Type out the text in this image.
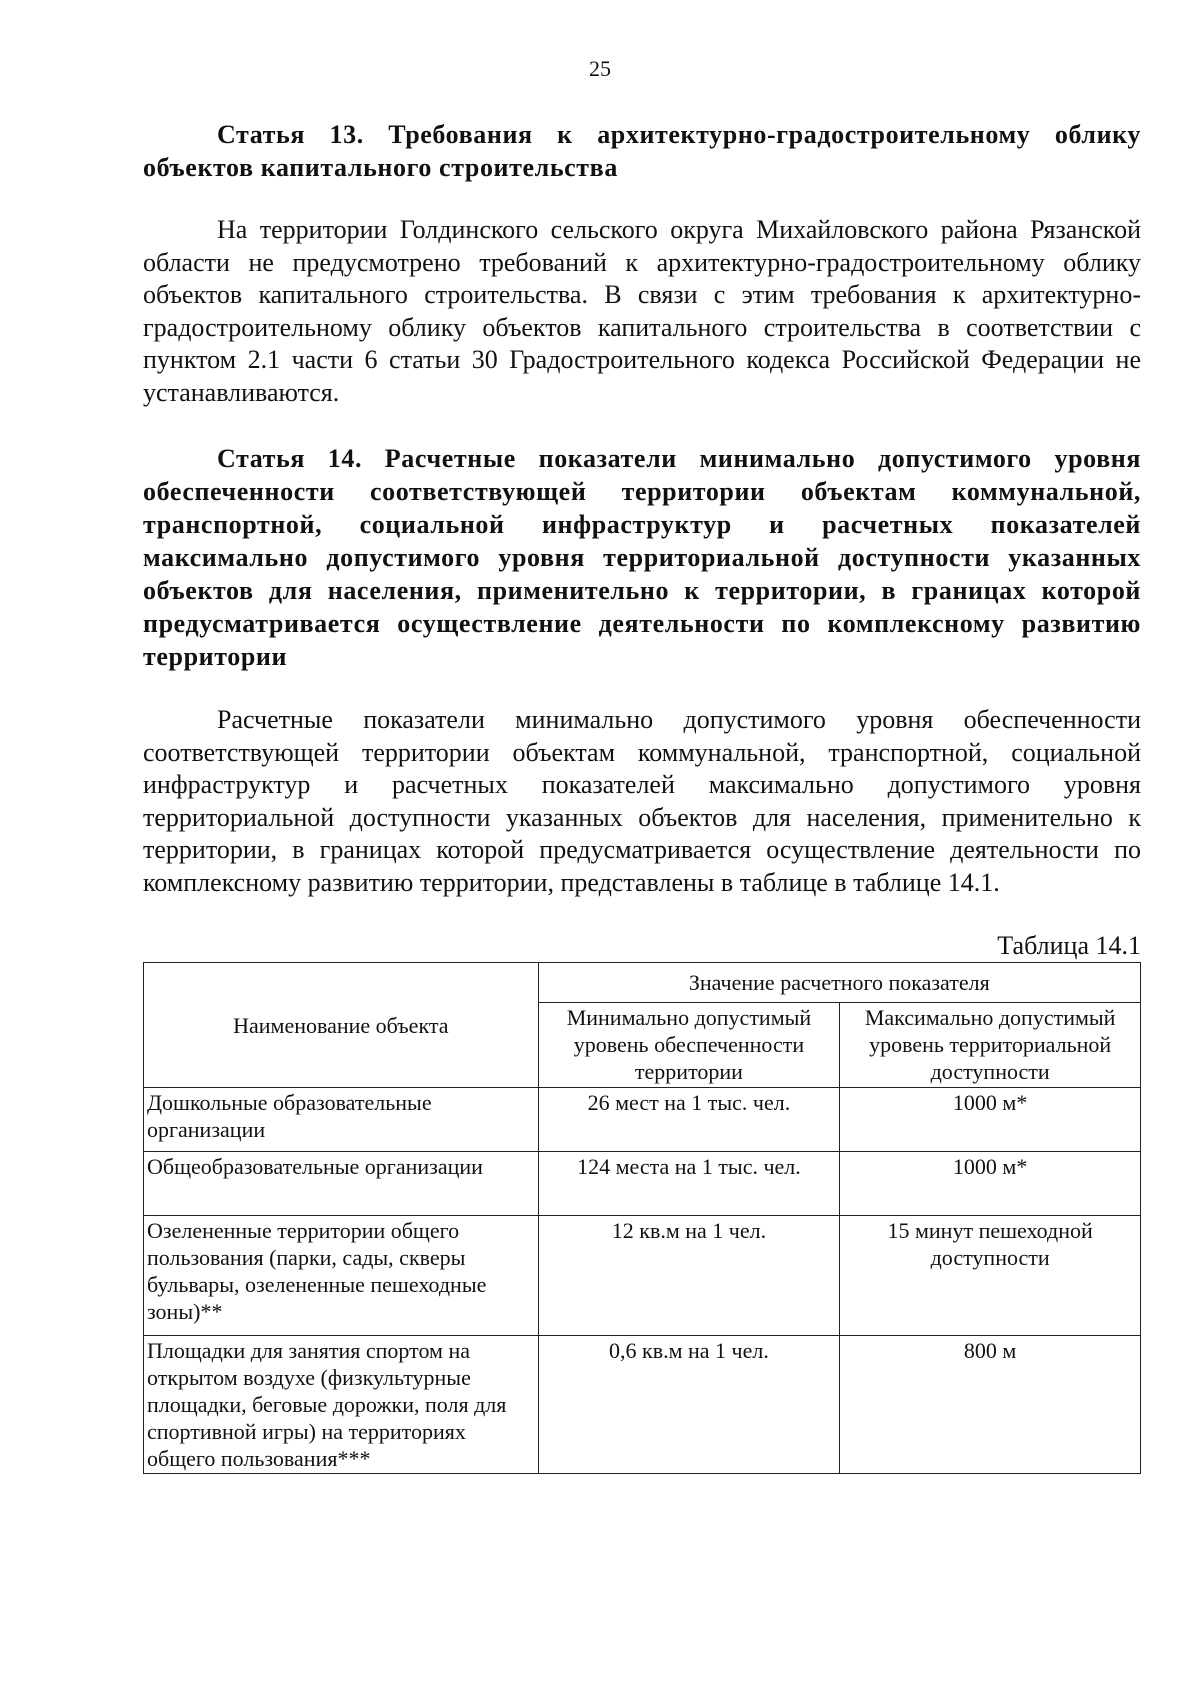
25

Статья 13. Требования к архитектурно-градостроительному облику объектов капитального строительства

На территории Голдинского сельского округа Михайловского района Рязанской области не предусмотрено требований к архитектурно-градостроительному облику объектов капитального строительства. В связи с этим требования к архитектурно-градостроительному облику объектов капитального строительства в соответствии с пунктом 2.1 части 6 статьи 30 Градостроительного кодекса Российской Федерации не устанавливаются.

Статья 14. Расчетные показатели минимально допустимого уровня обеспеченности соответствующей территории объектам коммунальной, транспортной, социальной инфраструктур и расчетных показателей максимально допустимого уровня территориальной доступности указанных объектов для населения, применительно к территории, в границах которой предусматривается осуществление деятельности по комплексному развитию территории

Расчетные показатели минимально допустимого уровня обеспеченности соответствующей территории объектам коммунальной, транспортной, социальной инфраструктур и расчетных показателей максимально допустимого уровня территориальной доступности указанных объектов для населения, применительно к территории, в границах которой предусматривается осуществление деятельности по комплексному развитию территории, представлены в таблице в таблице 14.1.

Таблица 14.1
Наименование объекта	Значение расчетного показателя	
	Минимально допустимый уровень обеспеченности территории	Максимально допустимый уровень территориальной доступности
Дошкольные образовательные организации	26 мест на 1 тыс. чел.	1000 м*
Общеобразовательные организации	124 места на 1 тыс. чел.	1000 м*
Озелененные территории общего пользования (парки, сады, скверы бульвары, озелененные пешеходные зоны)**	12 кв.м на 1 чел.	15 минут пешеходной доступности
Площадки для занятия спортом на открытом воздухе (физкультурные площадки, беговые дорожки, поля для спортивной игры) на территориях общего пользования***	0,6 кв.м на 1 чел.	800 м
